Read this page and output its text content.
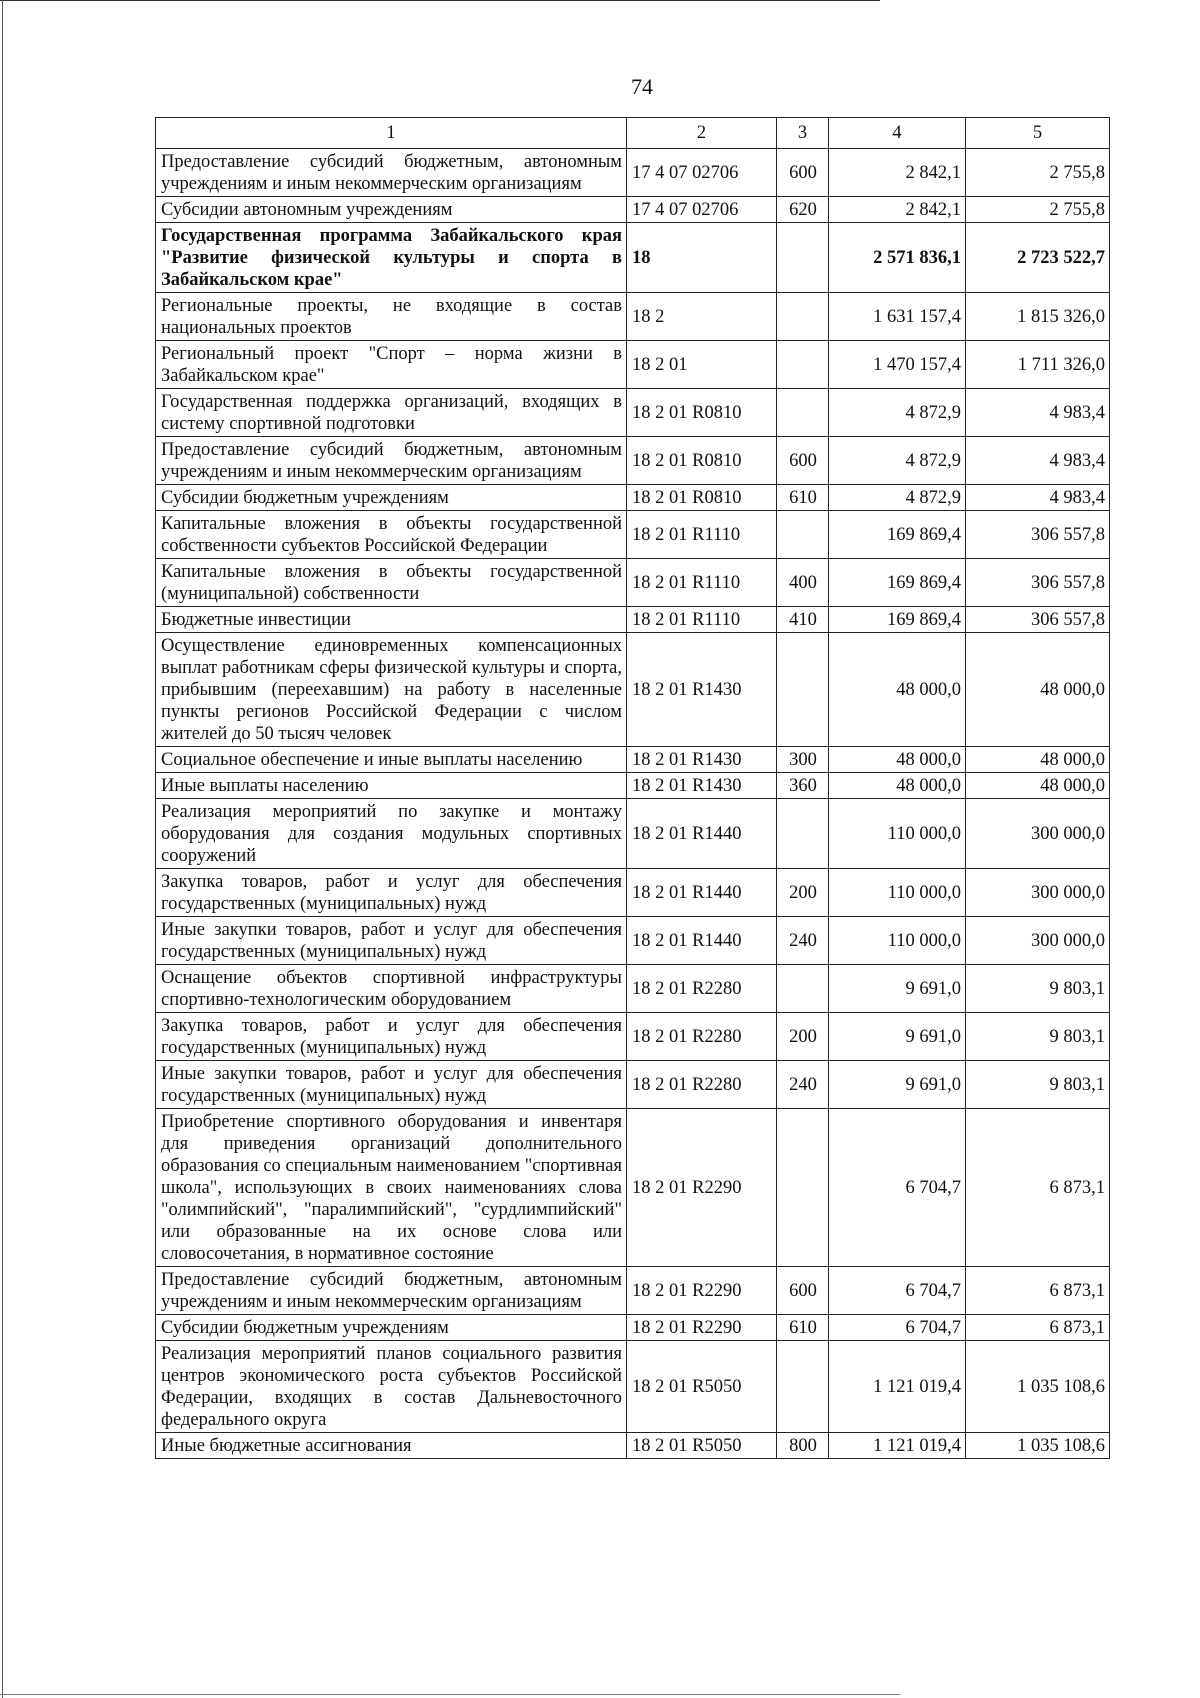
74
1	2	3	4	5
Предоставление субсидий бюджетным, автономным учреждениям и иным некоммерческим организациям	17 4 07 02706	600	2 842,1	2 755,8
Субсидии автономным учреждениям	17 4 07 02706	620	2 842,1	2 755,8
Государственная программа Забайкальского края "Развитие физической культуры и спорта в Забайкальском крае"	18		2 571 836,1	2 723 522,7
Региональные проекты, не входящие в состав национальных проектов	18 2		1 631 157,4	1 815 326,0
Региональный проект "Спорт – норма жизни в Забайкальском крае"	18 2 01		1 470 157,4	1 711 326,0
Государственная поддержка организаций, входящих в систему спортивной подготовки	18 2 01 R0810		4 872,9	4 983,4
Предоставление субсидий бюджетным, автономным учреждениям и иным некоммерческим организациям	18 2 01 R0810	600	4 872,9	4 983,4
Субсидии бюджетным учреждениям	18 2 01 R0810	610	4 872,9	4 983,4
Капитальные вложения в объекты государственной собственности субъектов Российской Федерации	18 2 01 R1110		169 869,4	306 557,8
Капитальные вложения в объекты государственной (муниципальной) собственности	18 2 01 R1110	400	169 869,4	306 557,8
Бюджетные инвестиции	18 2 01 R1110	410	169 869,4	306 557,8
Осуществление единовременных компенсационных выплат работникам сферы физической культуры и спорта, прибывшим (переехавшим) на работу в населенные пункты регионов Российской Федерации с числом жителей до 50 тысяч человек	18 2 01 R1430		48 000,0	48 000,0
Социальное обеспечение и иные выплаты населению	18 2 01 R1430	300	48 000,0	48 000,0
Иные выплаты населению	18 2 01 R1430	360	48 000,0	48 000,0
Реализация мероприятий по закупке и монтажу оборудования для создания модульных спортивных сооружений	18 2 01 R1440		110 000,0	300 000,0
Закупка товаров, работ и услуг для обеспечения государственных (муниципальных) нужд	18 2 01 R1440	200	110 000,0	300 000,0
Иные закупки товаров, работ и услуг для обеспечения государственных (муниципальных) нужд	18 2 01 R1440	240	110 000,0	300 000,0
Оснащение объектов спортивной инфраструктуры спортивно-технологическим оборудованием	18 2 01 R2280		9 691,0	9 803,1
Закупка товаров, работ и услуг для обеспечения государственных (муниципальных) нужд	18 2 01 R2280	200	9 691,0	9 803,1
Иные закупки товаров, работ и услуг для обеспечения государственных (муниципальных) нужд	18 2 01 R2280	240	9 691,0	9 803,1
Приобретение спортивного оборудования и инвентаря для приведения организаций дополнительного образования со специальным наименованием "спортивная школа", использующих в своих наименованиях слова "олимпийский", "паралимпийский", "сурдлимпийский" или образованные на их основе слова или словосочетания, в нормативное состояние	18 2 01 R2290		6 704,7	6 873,1
Предоставление субсидий бюджетным, автономным учреждениям и иным некоммерческим организациям	18 2 01 R2290	600	6 704,7	6 873,1
Субсидии бюджетным учреждениям	18 2 01 R2290	610	6 704,7	6 873,1
Реализация мероприятий планов социального развития центров экономического роста субъектов Российской Федерации, входящих в состав Дальневосточного федерального округа	18 2 01 R5050		1 121 019,4	1 035 108,6
Иные бюджетные ассигнования	18 2 01 R5050	800	1 121 019,4	1 035 108,6
